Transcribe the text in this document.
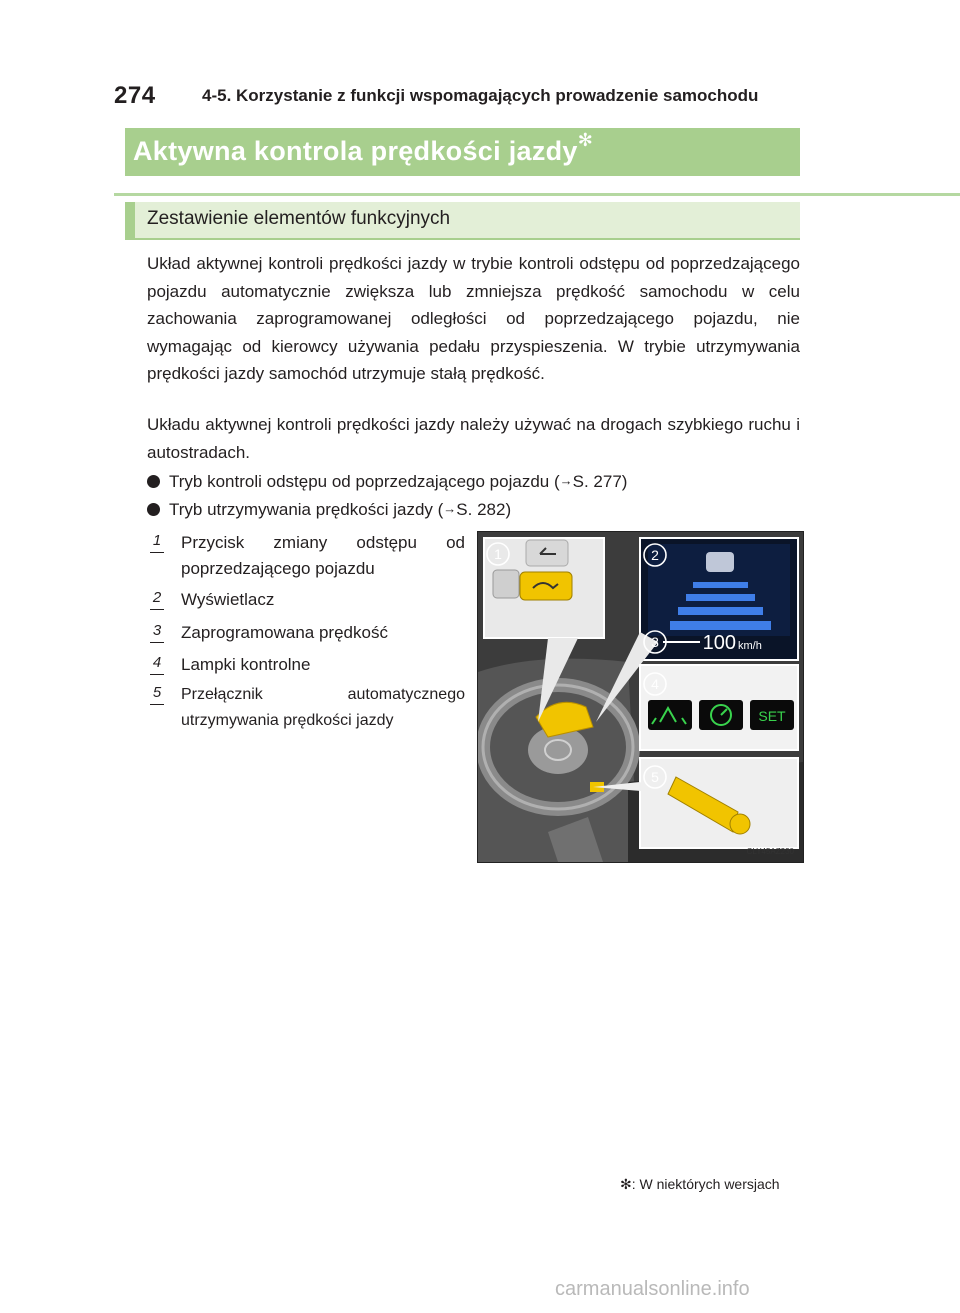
274	4-5. Korzystanie z funkcji wspomagających prowadzenie samochodu
Aktywna kontrola prędkości jazdy✻
Zestawienie elementów funkcyjnych

Układ aktywnej kontroli prędkości jazdy w trybie kontroli odstępu od poprzedzającego pojazdu automatycznie zwiększa lub zmniejsza prędkość samochodu w celu zachowania zaprogramowanej odległości od poprzedzającego pojazdu, nie wymagając od kierowcy używania pedału przyspieszenia. W trybie utrzymywania prędkości jazdy samochód utrzymuje stałą prędkość.

Układu aktywnej kontroli prędkości jazdy należy używać na drogach szybkiego ruchu i autostradach.

Tryb kontroli odstępu od poprzedzającego pojazdu (→S. 277)
Tryb utrzymywania prędkości jazdy (→S. 282)
1 Przycisk zmiany odstępu od poprzedzającego pojazdu
2 Wyświetlacz
3 Zaprogramowana prędkość
4 Lampki kontrolne
5 Przełącznik automatycznego utrzymywania prędkości jazdy
1	2
3
4
5
100 km/h
SET
CLY45AZ230
✻: W niektórych wersjach
carmanualsonline.info
